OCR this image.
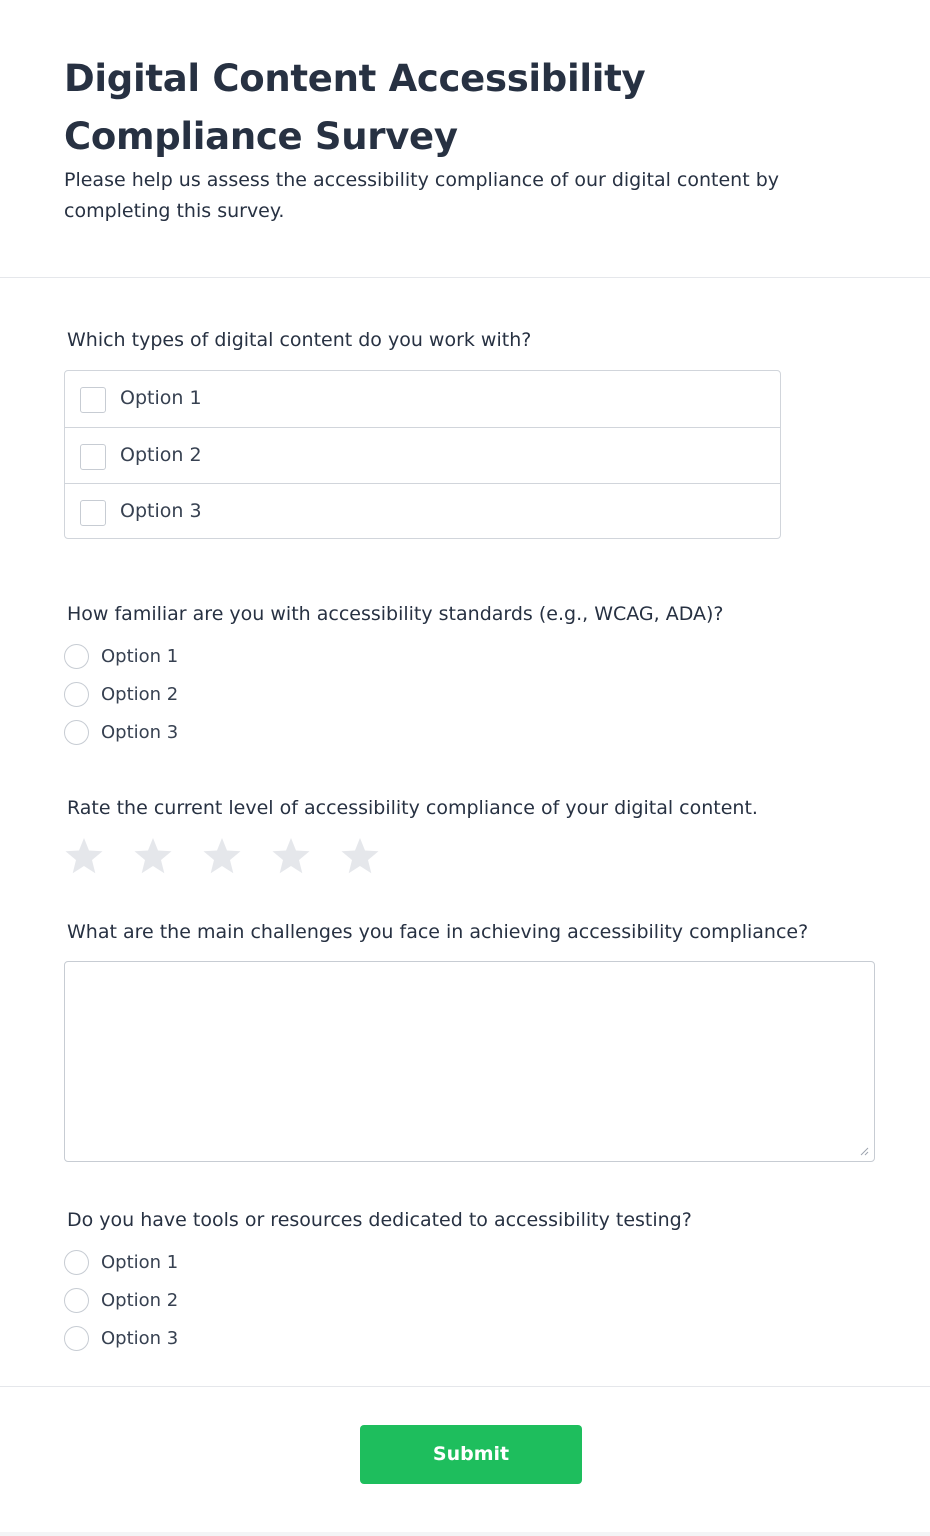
Digital Content Accessibility Compliance Survey

Please help us assess the accessibility compliance of our digital content by completing this survey.

Which types of digital content do you work with?
Option 1
Option 2
Option 3
How familiar are you with accessibility standards (e.g., WCAG, ADA)?
Option 1
Option 2
Option 3
Rate the current level of accessibility compliance of your digital content.
What are the main challenges you face in achieving accessibility compliance?
Do you have tools or resources dedicated to accessibility testing?
Option 1
Option 2
Option 3
Submit
